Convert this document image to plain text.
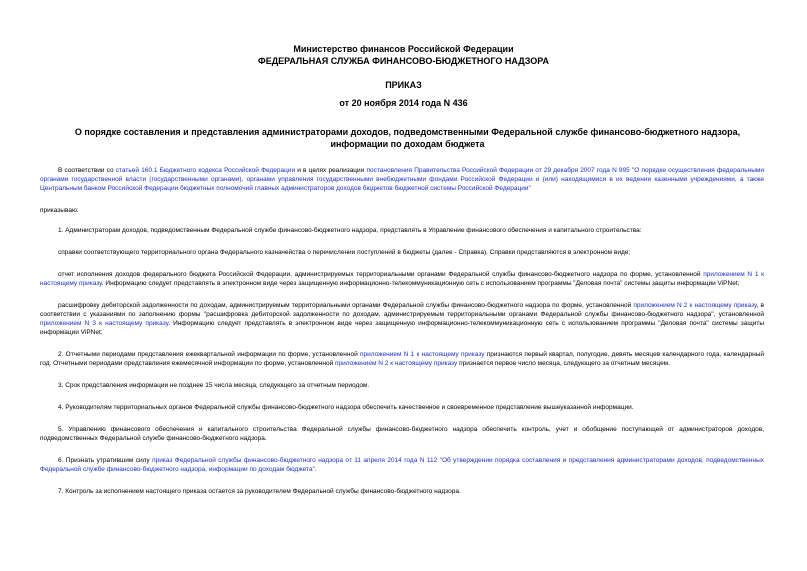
Министерство финансов Российской Федерации
ФЕДЕРАЛЬНАЯ СЛУЖБА ФИНАНСОВО-БЮДЖЕТНОГО НАДЗОРА
ПРИКАЗ
от 20 ноября 2014 года N 436
О порядке составления и представления администраторами доходов, подведомственными Федеральной службе финансово-бюджетного надзора, информации по доходам бюджета

В соответствии со статьей 160.1 Бюджетного кодекса Российской Федерации и в целях реализации постановления Правительства Российской Федерации от 29 декабря 2007 года N 995 "О порядке осуществления федеральными органами государственной власти (государственными органами), органами управления государственными внебюджетными фондами Российской Федерации и (или) находящимися в их ведении казенными учреждениями, а также Центральным банком Российской Федерации бюджетных полномочий главных администраторов доходов бюджетов бюджетной системы Российской Федерации"

приказываю:

1. Администраторам доходов, подведомственным Федеральной службе финансово-бюджетного надзора, представлять в Управление финансового обеспечения и капитального строительства:

справки соответствующего территориального органа Федерального казначейства о перечислении поступлений в бюджеты (далее - Справка). Справки представляются в электронном виде;

отчет исполнения доходов федерального бюджета Российской Федерации, администрируемых территориальными органами Федеральной службы финансово-бюджетного надзора по форме, установленной приложением N 1 к настоящему приказу. Информацию следует представлять в электронном виде через защищенную информационно-телекоммуникационную сеть с использованием программы "Деловая почта" системы защиты информации ViPNet;

расшифровку дебиторской задолженности по доходам, администрируемым территориальными органами Федеральной службы финансово-бюджетного надзора по форме, установленной приложением N 2 к настоящему приказу, в соответствии с указаниями по заполнению формы "расшифровка дебиторской задолженности по доходам, администрируемым территориальными органами Федеральной службы финансово-бюджетного надзора", установленной приложением N 3 к настоящему приказу. Информацию следует представлять в электронном виде через защищенную информационно-телекоммуникационную сеть с использованием программы "Деловая почта" системы защиты информации ViPNet;

2. Отчетными периодами представления ежеквартальной информации по форме, установленной приложением N 1 к настоящему приказу признаются первый квартал, полугодие, девять месяцев календарного года, календарный год. Отчетными периодами представления ежемесячной информации по форме, установленной приложением N 2 к настоящему приказу признается первое число месяца, следующего за отчетным месяцем.

3. Срок представления информации не позднее 15 числа месяца, следующего за отчетным периодом.

4. Руководителям территориальных органов Федеральной службы финансово-бюджетного надзора обеспечить качественное и своевременное представление вышеуказанной информации.

5. Управлению финансового обеспечения и капитального строительства Федеральной службы финансово-бюджетного надзора обеспечить контроль, учет и обобщение поступающей от администраторов доходов, подведомственных Федеральной службе финансово-бюджетного надзора.

6. Признать утратившим силу приказ Федеральной службы финансово-бюджетного надзора от 11 апреля 2014 года N 112 "Об утверждении порядка составления и представления администраторами доходов, подведомственных Федеральной службе финансово-бюджетного надзора, информации по доходам бюджета".

7. Контроль за исполнением настоящего приказа остается за руководителем Федеральной службы финансово-бюджетного надзора.
